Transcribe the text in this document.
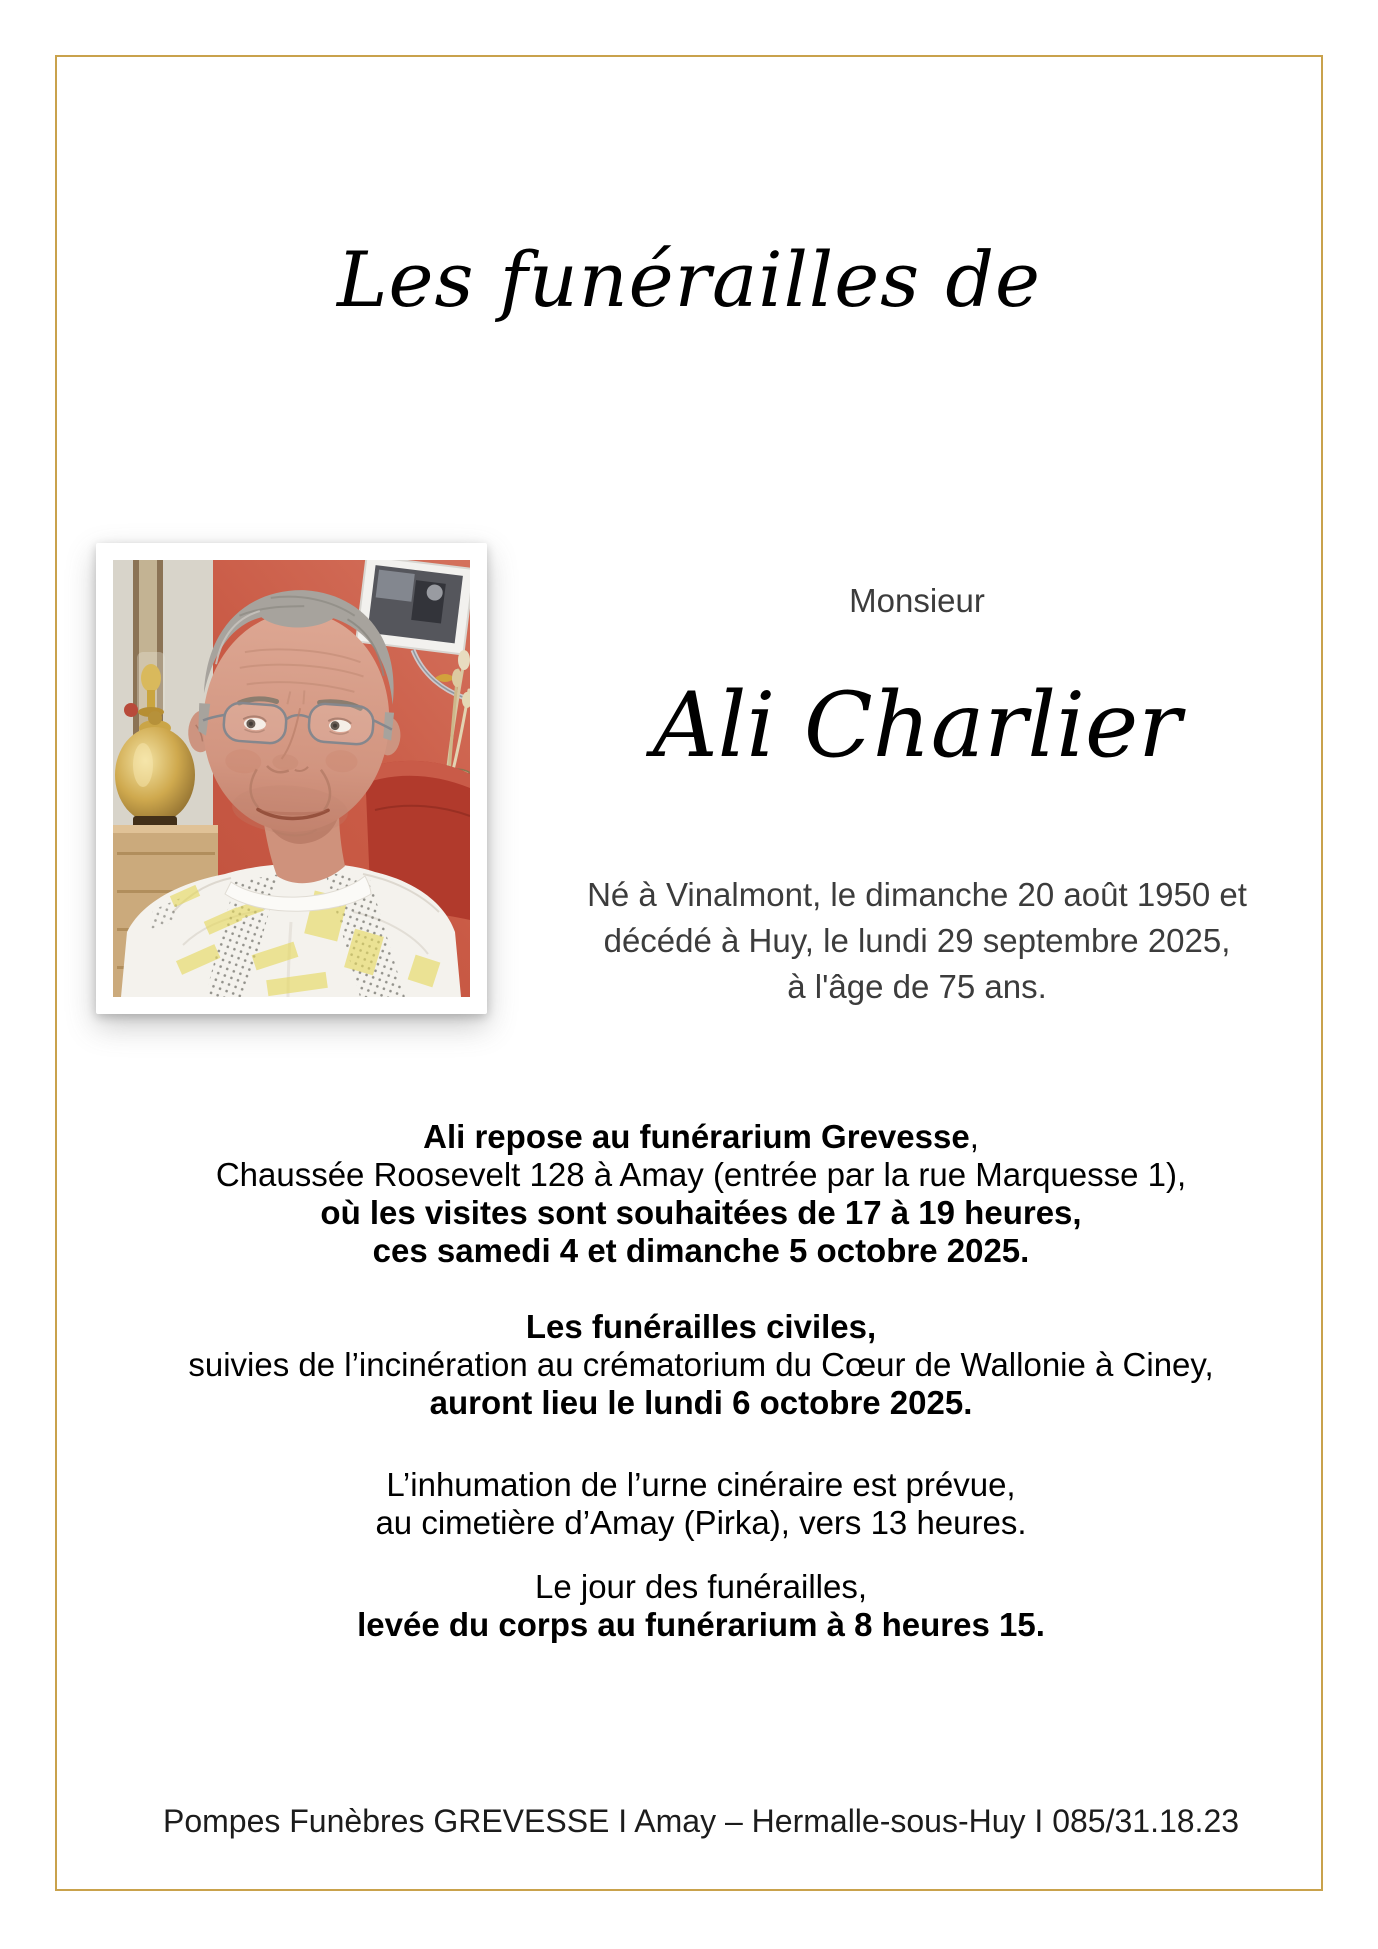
Les funérailles de
Monsieur
Ali Charlier

Né à Vinalmont, le dimanche 20 août 1950 et

décédé à Huy, le lundi 29 septembre 2025,

à l'âge de 75 ans.

Ali repose au funérarium Grevesse,

Chaussée Roosevelt 128 à Amay (entrée par la rue Marquesse 1),

où les visites sont souhaitées de 17 à 19 heures,

ces samedi 4 et dimanche 5 octobre 2025.

Les funérailles civiles,

suivies de l’incinération au crématorium du Cœur de Wallonie à Ciney,

auront lieu le lundi 6 octobre 2025.

L’inhumation de l’urne cinéraire est prévue,

au cimetière d’Amay (Pirka), vers 13 heures.

Le jour des funérailles,

levée du corps au funérarium à 8 heures 15.

Pompes Funèbres GREVESSE I Amay – Hermalle-sous-Huy I 085/31.18.23
